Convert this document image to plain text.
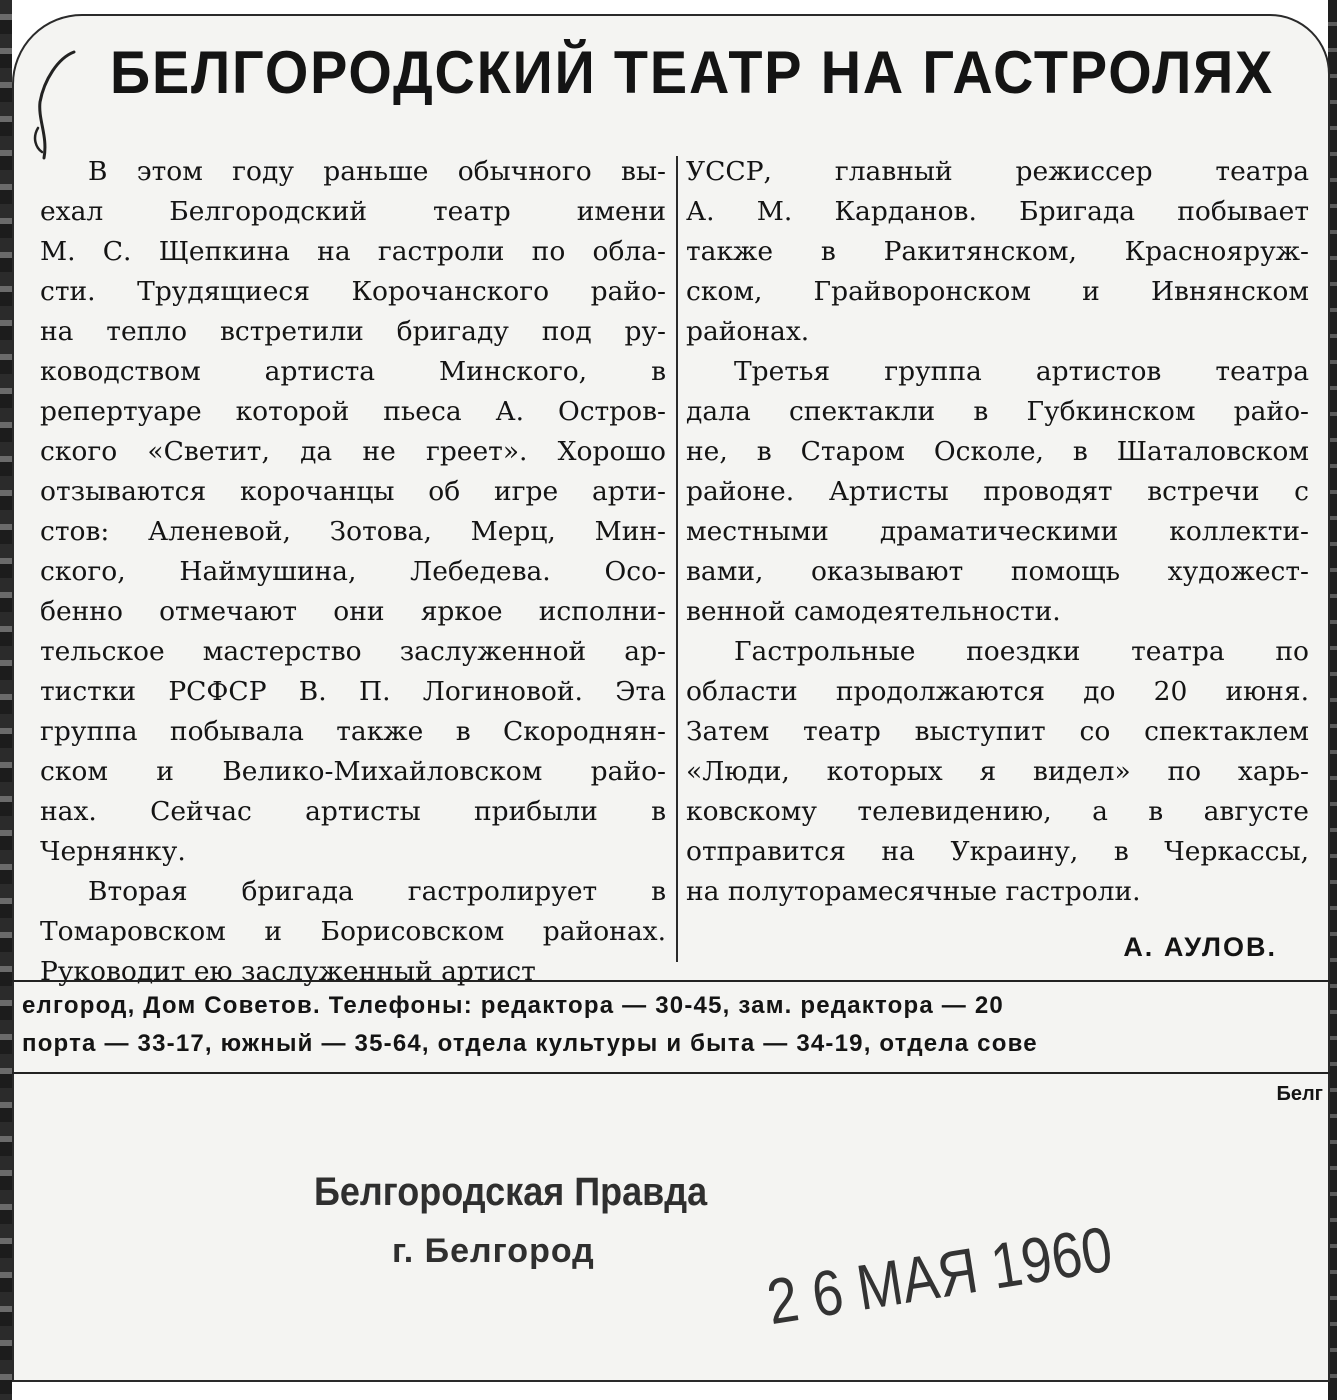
БЕЛГОРОДСКИЙ ТЕАТР НА ГАСТРОЛЯХ

В этом году раньше обычного вы-
ехал Белгородский театр имени
М. С. Щепкина на гастроли по обла-
сти. Трудящиеся Корочанского райо-
на тепло встретили бригаду под ру-
ководством артиста Минского, в
репертуаре которой пьеса А. Остров-
ского «Светит, да не греет». Хорошо
отзываются корочанцы об игре арти-
стов: Аленевой, Зотова, Мерц, Мин-
ского, Наймушина, Лебедева. Осо-
бенно отмечают они яркое исполни-
тельское мастерство заслуженной ар-
тистки РСФСР В. П. Логиновой. Эта
группа побывала также в Скороднян-
ском и Велико-Михайловском райо-
нах. Сейчас артисты прибыли в
Чернянку.

Вторая бригада гастролирует в
Томаровском и Борисовском районах.
Руководит ею заслуженный артист

УССР, главный режиссер театра
А. М. Карданов. Бригада побывает
также в Ракитянском, Краснояруж-
ском, Грайворонском и Ивнянском
районах.

Третья группа артистов театра
дала спектакли в Губкинском райо-
не, в Старом Осколе, в Шаталовском
районе. Артисты проводят встречи с
местными драматическими коллекти-
вами, оказывают помощь художест-
венной самодеятельности.

Гастрольные поездки театра по
области продолжаются до 20 июня.
Затем театр выступит со спектаклем
«Люди, которых я видел» по харь-
ковскому телевидению, а в августе
отправится на Украину, в Черкассы,
на полуторамесячные гастроли.

А. АУЛОВ.
елгород, Дом Советов. Телефоны: редактора — 30-45, зам. редактора — 20
порта — 33-17, южный — 35-64, отдела культуры и быта — 34-19, отдела сове
Белг
Белгородская Правда
г. Белгород	2 6 МАЯ 1960
